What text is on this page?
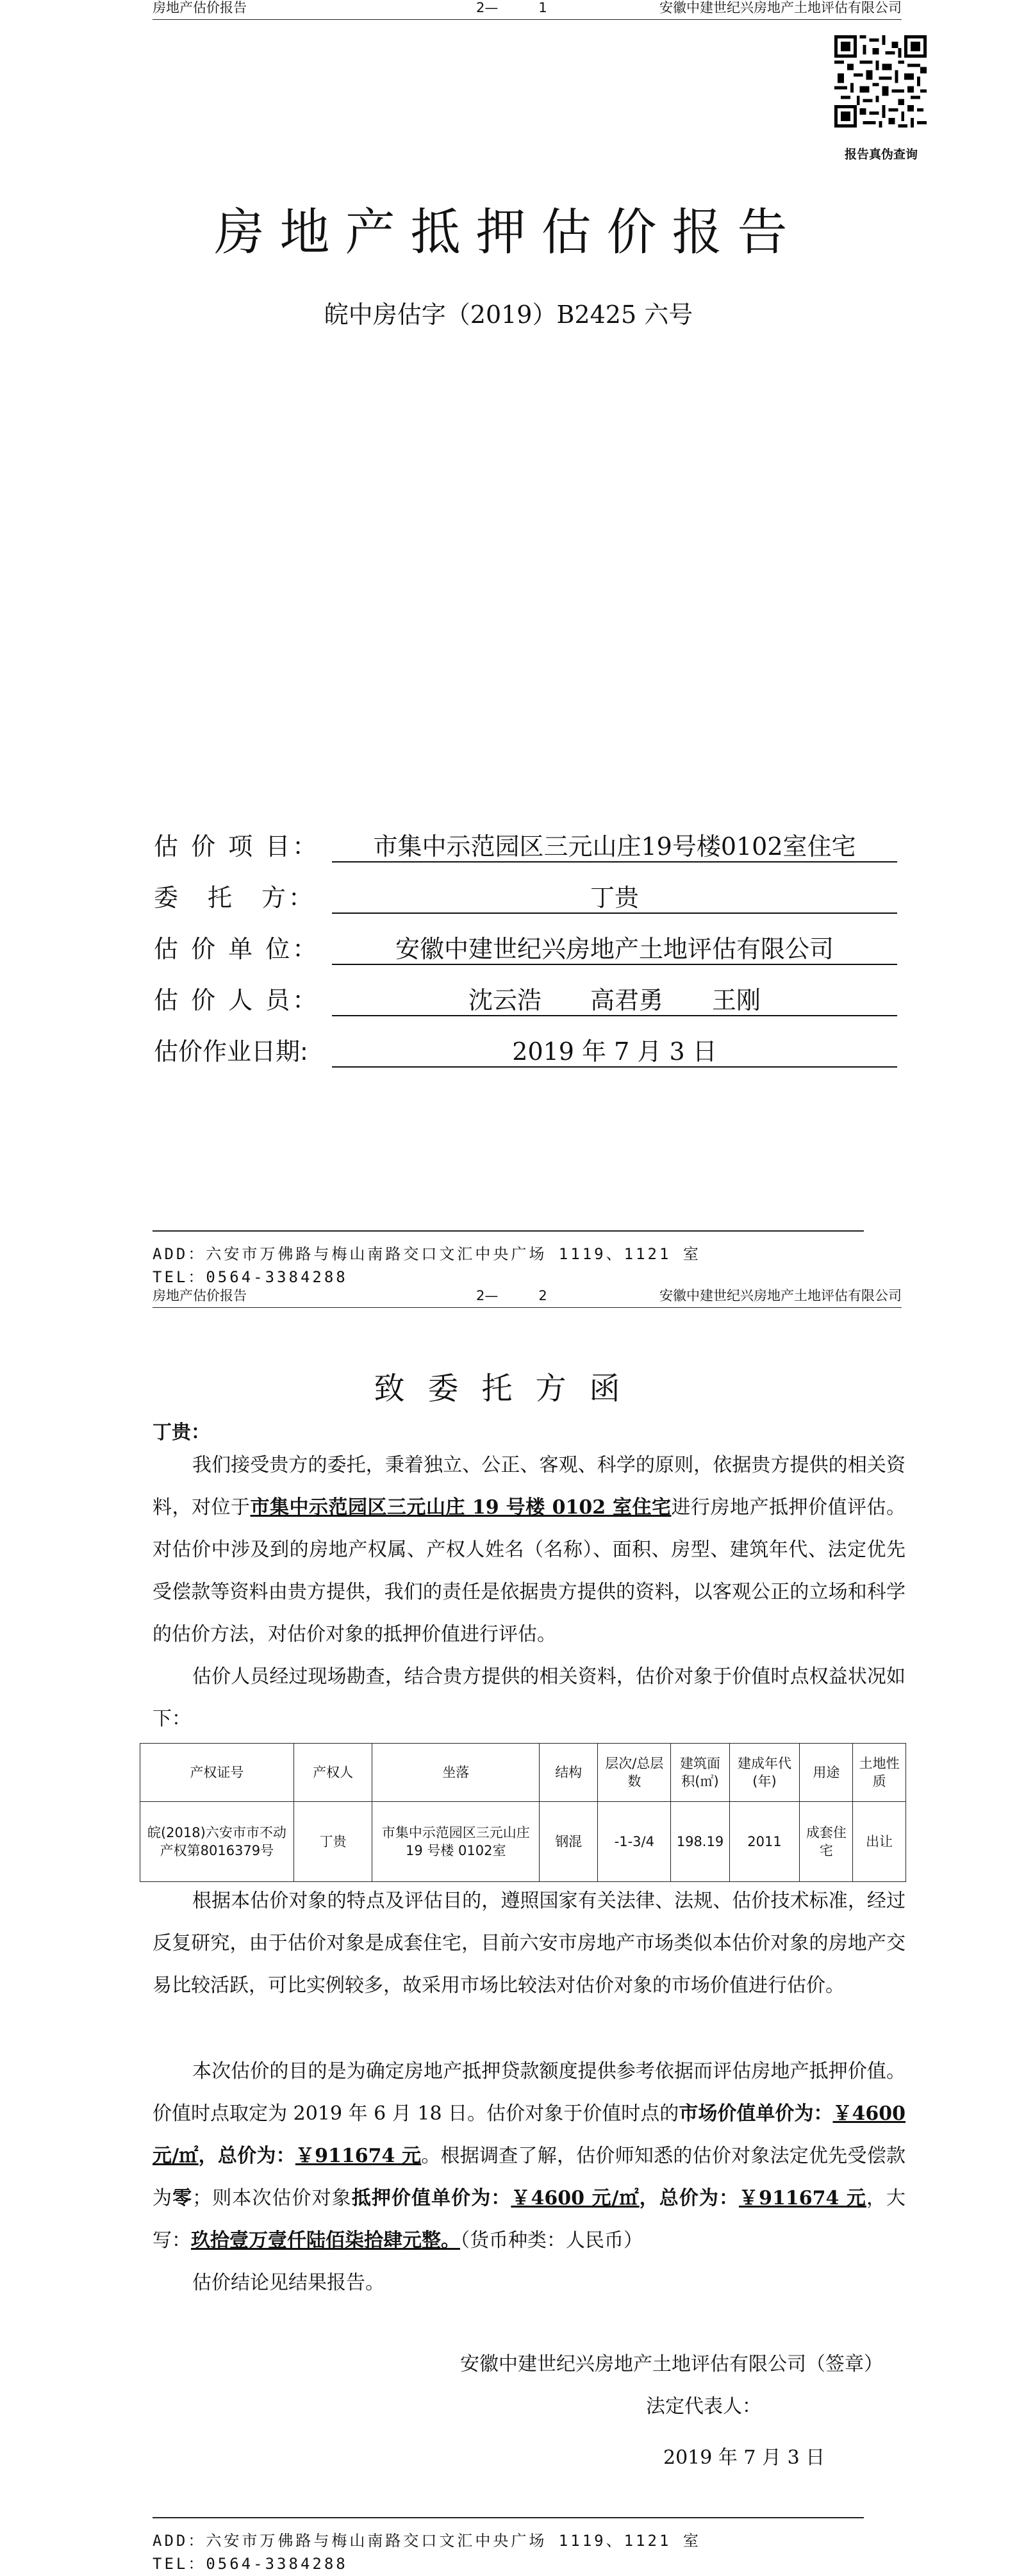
房地产估价报告	2—　　　1	安徽中建世纪兴房地产土地评估有限公司
报告真伪查询
房地产抵押估价报告
皖中房估字（2019）B2425 六号
估 价 项 目：	市集中示范园区三元山庄19号楼0102室住宅
委　托　方：	丁贵
估 价 单 位：	安徽中建世纪兴房地产土地评估有限公司
估 价 人 员：	沈云浩　　高君勇　　王刚
估价作业日期:	2019 年 7 月 3 日
ADD：六安市万佛路与梅山南路交口文汇中央广场 1119、1121 室
TEL：0564-3384288
房地产估价报告	2—　　　2	安徽中建世纪兴房地产土地评估有限公司
致委托方函
丁贵：
我们接受贵方的委托，秉着独立、公正、客观、科学的原则，依据贵方提供的相关资料，对位于市集中示范园区三元山庄 19 号楼 0102 室住宅进行房地产抵押价值评估。对估价中涉及到的房地产权属、产权人姓名（名称）、面积、房型、建筑年代、法定优先受偿款等资料由贵方提供，我们的责任是依据贵方提供的资料，以客观公正的立场和科学的估价方法，对估价对象的抵押价值进行评估。
估价人员经过现场勘查，结合贵方提供的相关资料，估价对象于价值时点权益状况如下：
产权证号	产权人	坐落	结构	层次/总层数	建筑面积(㎡)	建成年代(年)	用途	土地性质
皖(2018)六安市市不动产权第8016379号	丁贵	市集中示范园区三元山庄 19 号楼 0102室	钢混	-1-3/4	198.19	2011	成套住宅	出让
根据本估价对象的特点及评估目的，遵照国家有关法律、法规、估价技术标准，经过反复研究，由于估价对象是成套住宅，目前六安市房地产市场类似本估价对象的房地产交易比较活跃，可比实例较多，故采用市场比较法对估价对象的市场价值进行估价。
本次估价的目的是为确定房地产抵押贷款额度提供参考依据而评估房地产抵押价值。价值时点取定为 2019 年 6 月 18 日。估价对象于价值时点的市场价值单价为：￥4600 元/㎡，总价为：￥911674 元。根据调查了解，估价师知悉的估价对象法定优先受偿款为零；则本次估价对象抵押价值单价为：￥4600 元/㎡，总价为：￥911674 元，大写：玖拾壹万壹仟陆佰柒拾肆元整。（货币种类：人民币）
估价结论见结果报告。
安徽中建世纪兴房地产土地评估有限公司（签章）
法定代表人：
2019 年 7 月 3 日
ADD：六安市万佛路与梅山南路交口文汇中央广场 1119、1121 室
TEL：0564-3384288
